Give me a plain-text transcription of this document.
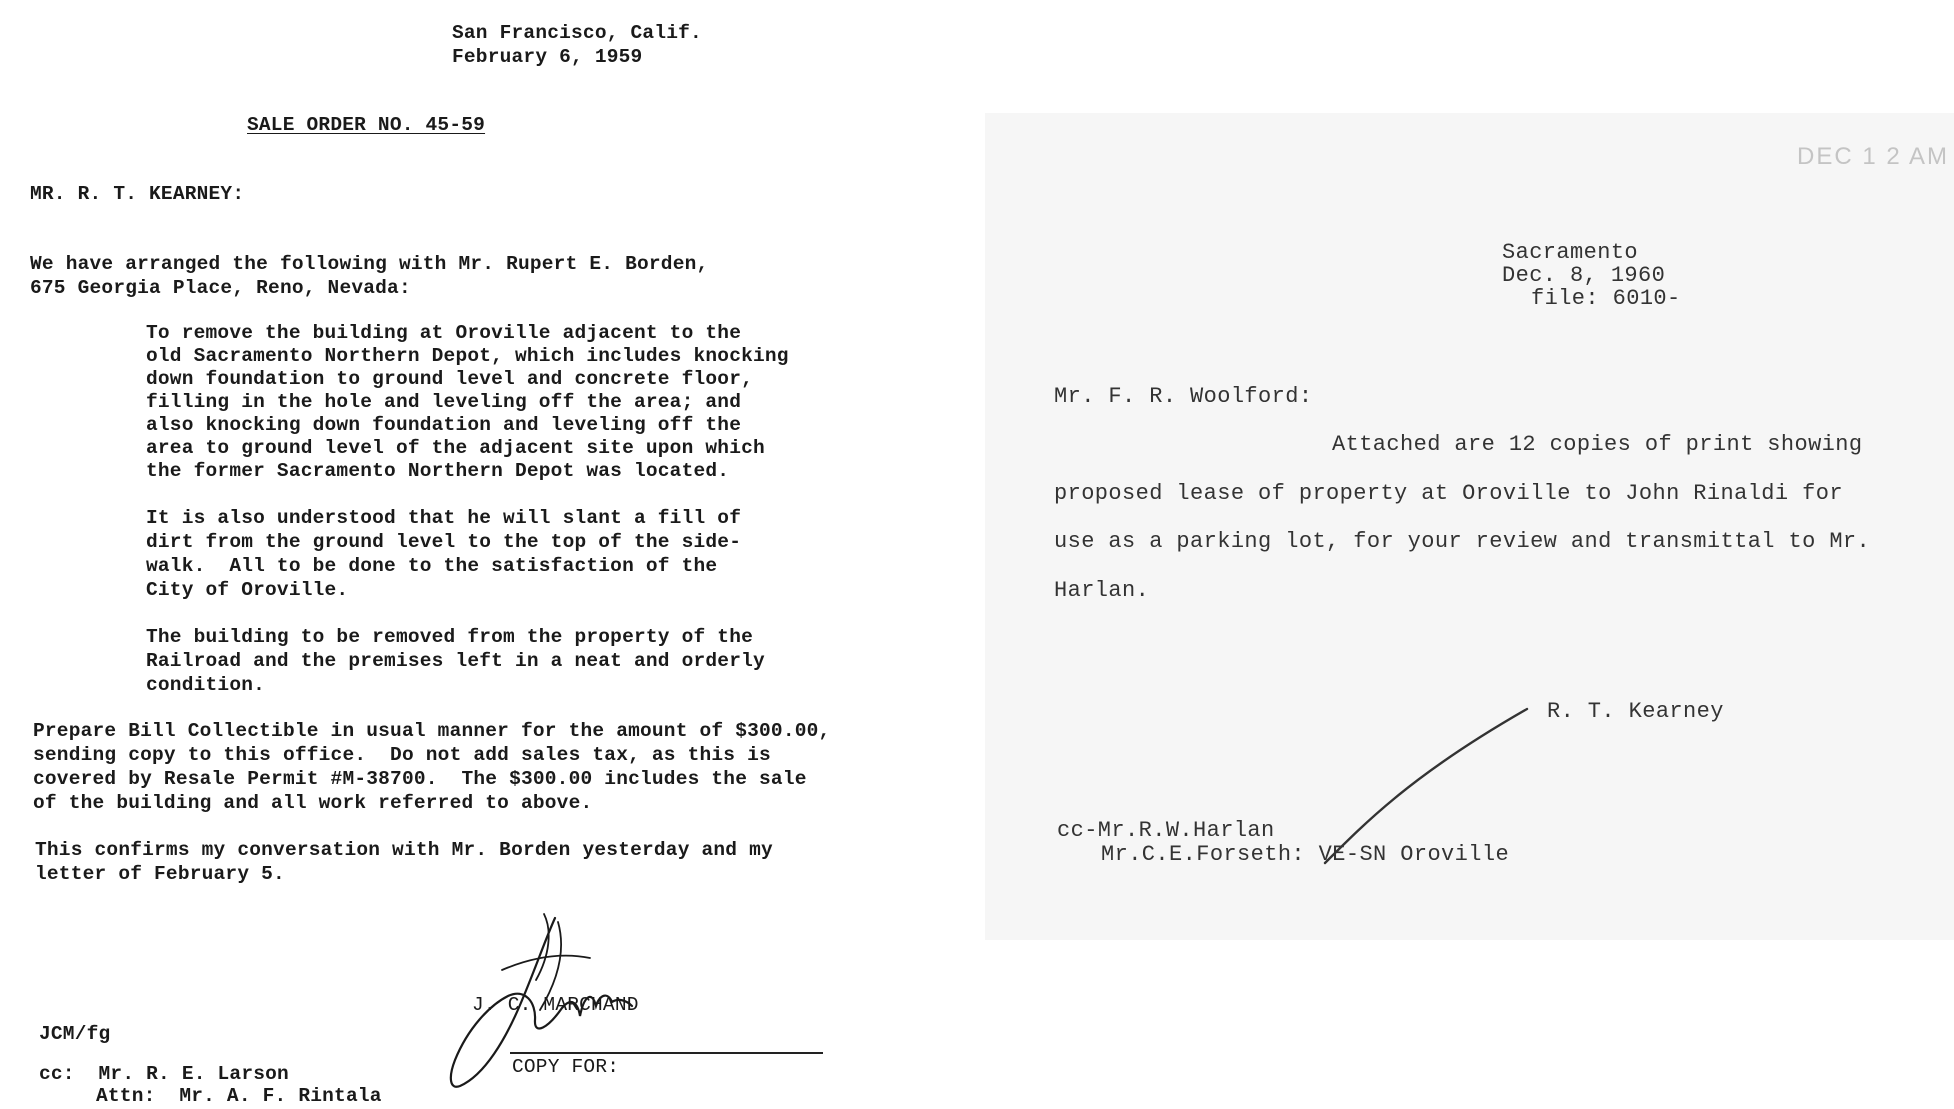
San Francisco, Calif.
February 6, 1959
SALE ORDER NO. 45-59
MR. R. T. KEARNEY:
We have arranged the following with Mr. Rupert E. Borden,
675 Georgia Place, Reno, Nevada:
To remove the building at Oroville adjacent to the
old Sacramento Northern Depot, which includes knocking
down foundation to ground level and concrete floor,
filling in the hole and leveling off the area; and
also knocking down foundation and leveling off the
area to ground level of the adjacent site upon which
the former Sacramento Northern Depot was located.
It is also understood that he will slant a fill of
dirt from the ground level to the top of the side-
walk.  All to be done to the satisfaction of the
City of Oroville.
The building to be removed from the property of the
Railroad and the premises left in a neat and orderly
condition.
Prepare Bill Collectible in usual manner for the amount of $300.00,
sending copy to this office.  Do not add sales tax, as this is
covered by Resale Permit #M-38700.  The $300.00 includes the sale
of the building and all work referred to above.
This confirms my conversation with Mr. Borden yesterday and my
letter of February 5.
J. C. MARCHAND
COPY FOR:
JCM/fg
cc:  Mr. R. E. Larson
Attn:  Mr. A. F. Rintala
DEC 1 2 AM
Sacramento
Dec. 8, 1960
file: 6010-
Mr. F. R. Woolford:
Attached are 12 copies of print showing
proposed lease of property at Oroville to John Rinaldi for
use as a parking lot, for your review and transmittal to Mr.
Harlan.
R. T. Kearney
cc-Mr.R.W.Harlan
Mr.C.E.Forseth: VE-SN Oroville
